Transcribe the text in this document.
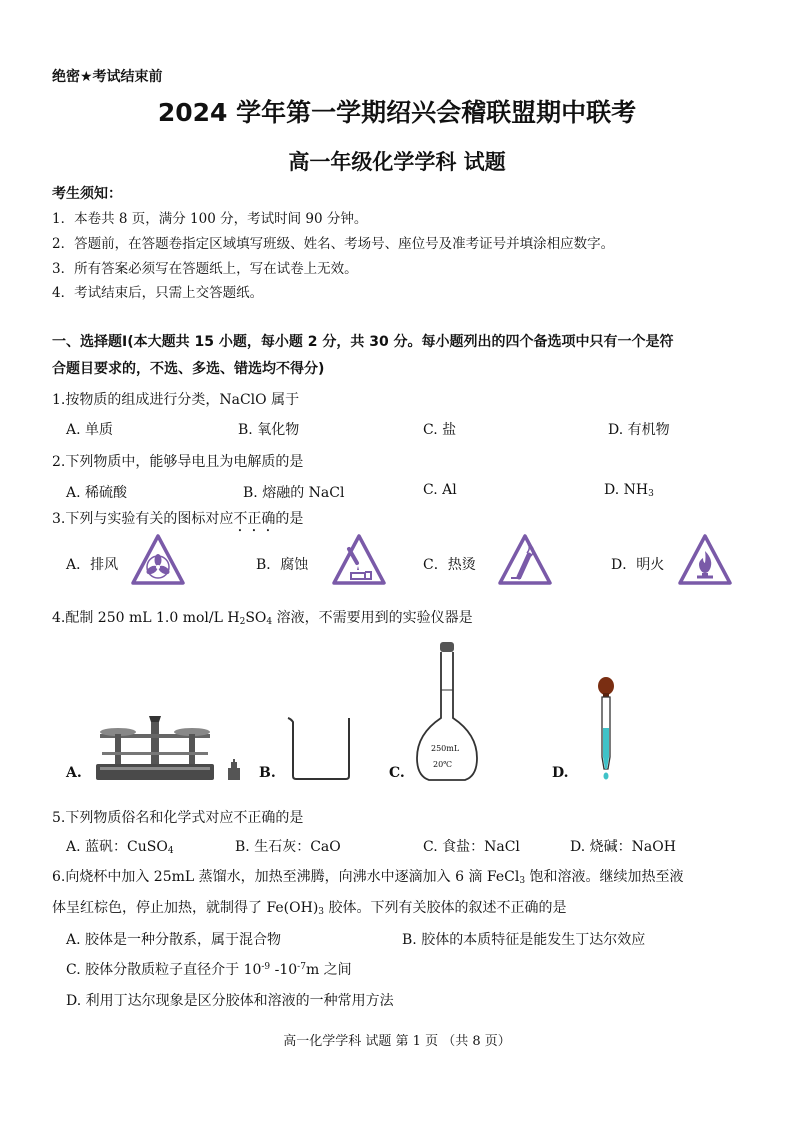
绝密★考试结束前
2024 学年第一学期绍兴会稽联盟期中联考
高一年级化学学科 试题
考生须知：
1．本卷共 8 页，满分 100 分，考试时间 90 分钟。
2．答题前，在答题卷指定区域填写班级、姓名、考场号、座位号及准考证号并填涂相应数字。
3．所有答案必须写在答题纸上，写在试卷上无效。
4．考试结束后，只需上交答题纸。
一、选择题Ⅰ(本大题共 15 小题，每小题 2 分，共 30 分。每小题列出的四个备选项中只有一个是符
合题目要求的，不选、多选、错选均不得分)
1.按物质的组成进行分类，NaClO 属于
A. 单质	B. 氧化物	C. 盐	D. 有机物
2.下列物质中，能够导电且为电解质的是
A. 稀硫酸	B. 熔融的 NaCl	C. Al	D. $NH_3$
3.下列与实验有关的图标对应不正确的是
A．排风	B．腐蚀	C．热烫	D．明火
4.配制 250 mL 1.0 mol/L $H_2SO_4$ 溶液，不需要用到的实验仪器是
A.	B.	C.
250mL
20℃
D.
5.下列物质俗名和化学式对应不正确的是
A. 蓝矾：CuSO$_4$	B. 生石灰：CaO	C. 食盐：NaCl	D. 烧碱：NaOH
6.向烧杯中加入 25mL 蒸馏水，加热至沸腾，向沸水中逐滴加入 6 滴 FeCl$_3$ 饱和溶液。继续加热至液
体呈红棕色，停止加热，就制得了 $Fe(OH)_3$ 胶体。下列有关胶体的叙述不正确的是
A. 胶体是一种分散系，属于混合物	B. 胶体的本质特征是能发生丁达尔效应
C. 胶体分散质粒子直径介于 $10^{-9}$ $-10^{-7}m$ 之间
D. 利用丁达尔现象是区分胶体和溶液的一种常用方法
高一化学学科 试题 第 1 页 （共 8 页）
